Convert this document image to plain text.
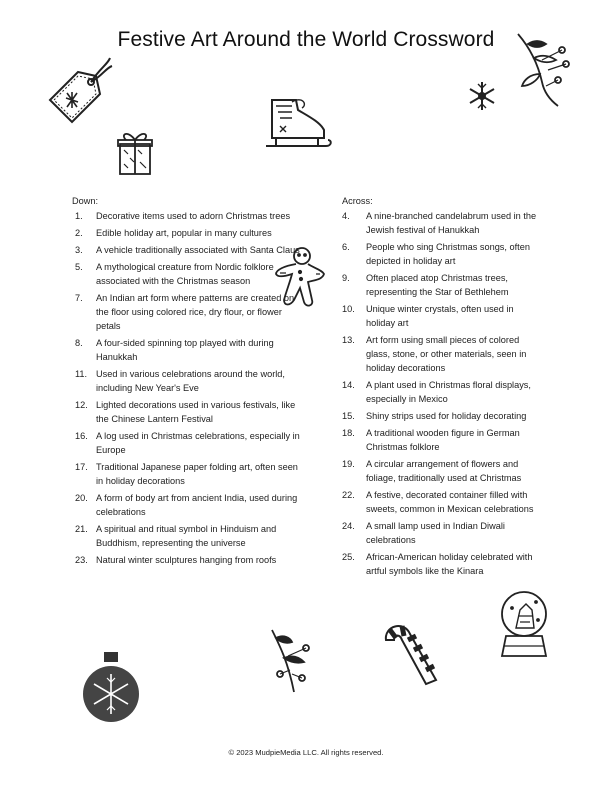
Festive Art Around the World Crossword
Down:
1.	Decorative items used to adorn Christmas trees
2.	Edible holiday art, popular in many cultures
3.	A vehicle traditionally associated with Santa Claus
5.	A mythological creature from Nordic folklore associated with the Christmas season
7.	An Indian art form where patterns are created on the floor using colored rice, dry flour, or flower petals
8.	A four-sided spinning top played with during Hanukkah
11. Used in various celebrations around the world, including New Year's Eve
12. Lighted decorations used in various festivals, like the Chinese Lantern Festival
16. A log used in Christmas celebrations, especially in Europe
17. Traditional Japanese paper folding art, often seen in holiday decorations
20. A form of body art from ancient India, used during celebrations
21. A spiritual and ritual symbol in Hinduism and Buddhism, representing the universe
23. Natural winter sculptures hanging from roofs
Across:
4.	A nine-branched candelabrum used in the Jewish festival of Hanukkah
6.	People who sing Christmas songs, often depicted in holiday art
9.	Often placed atop Christmas trees, representing the Star of Bethlehem
10.	Unique winter crystals, often used in holiday art
13.	Art form using small pieces of colored glass, stone, or other materials, seen in holiday decorations
14.	A plant used in Christmas floral displays, especially in Mexico
15.	Shiny strips used for holiday decorating
18.	A traditional wooden figure in German Christmas folklore
19.	A circular arrangement of flowers and foliage, traditionally used at Christmas
22.	A festive, decorated container filled with sweets, common in Mexican celebrations
24.	A small lamp used in Indian Diwali celebrations
25.	African-American holiday celebrated with artful symbols like the Kinara
© 2023 MudpieMedia LLC. All rights reserved.
